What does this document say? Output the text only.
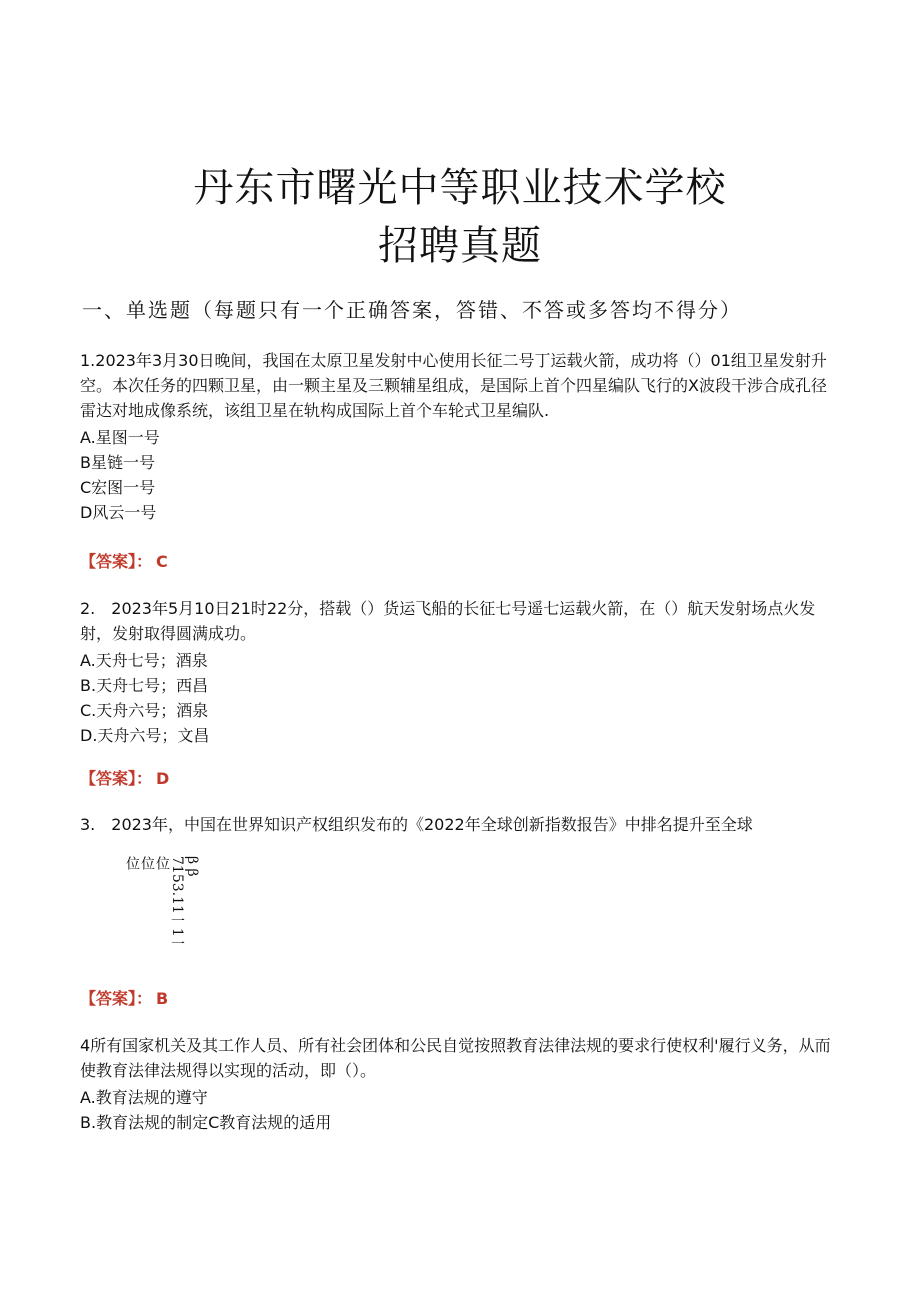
丹东市曙光中等职业技术学校
招聘真题
一、单选题（每题只有一个正确答案，答错、不答或多答均不得分）

1.2023年3月30日晚间，我国在太原卫星发射中心使用长征二号丁运载火箭，成功将（）01组卫星发射升空。本次任务的四颗卫星，由一颗主星及三颗辅星组成，是国际上首个四星编队飞行的X波段干涉合成孔径雷达对地成像系统，该组卫星在轨构成国际上首个车轮式卫星编队.

A.星图一号

B星链一号

C宏图一号

D风云一号

【答案】： C

2.　2023年5月10日21时22分，搭载（）货运飞船的长征七号遥七运载火箭，在（）航天发射场点火发射，发射取得圆满成功。

A.天舟七号；酒泉

B.天舟七号；西昌

C.天舟六号；酒泉

D.天舟六号；文昌

【答案】： D

3.　2023年，中国在世界知识产权组织发布的《2022年全球创新指数报告》中排名提升至全球

β β
7153.11一1一
位
位
位
【答案】： B

4所有国家机关及其工作人员、所有社会团体和公民自觉按照教育法律法规的要求行使权利'履行义务，从而使教育法律法规得以实现的活动，即（）。

A.教育法规的遵守

B.教育法规的制定C教育法规的适用
